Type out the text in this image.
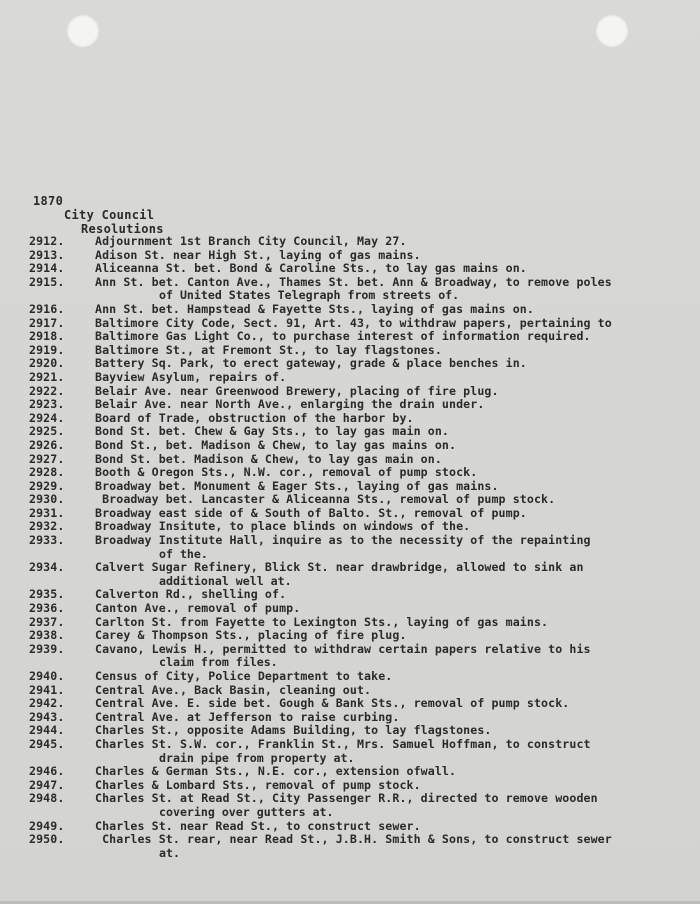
1870
City Council
Resolutions
2912.	Adjournment 1st Branch City Council, May 27.
2913.	Adison St. near High St., laying of gas mains.
2914.	Aliceanna St. bet. Bond & Caroline Sts., to lay gas mains on.
2915.	Ann St. bet. Canton Ave., Thames St. bet. Ann & Broadway, to remove poles
of United States Telegraph from streets of.
2916.	Ann St. bet. Hampstead & Fayette Sts., laying of gas mains on.
2917.	Baltimore City Code, Sect. 91, Art. 43, to withdraw papers, pertaining to
2918.	Baltimore Gas Light Co., to purchase interest of information required.
2919.	Baltimore St., at Fremont St., to lay flagstones.
2920.	Battery Sq. Park, to erect gateway, grade & place benches in.
2921.	Bayview Asylum, repairs of.
2922.	Belair Ave. near Greenwood Brewery, placing of fire plug.
2923.	Belair Ave. near North Ave., enlarging the drain under.
2924.	Board of Trade, obstruction of the harbor by.
2925.	Bond St. bet. Chew & Gay Sts., to lay gas main on.
2926.	Bond St., bet. Madison & Chew, to lay gas mains on.
2927.	Bond St. bet. Madison & Chew, to lay gas main on.
2928.	Booth & Oregon Sts., N.W. cor., removal of pump stock.
2929.	Broadway bet. Monument & Eager Sts., laying of gas mains.
2930.	Broadway bet. Lancaster & Aliceanna Sts., removal of pump stock.
2931.	Broadway east side of & South of Balto. St., removal of pump.
2932.	Broadway Insitute, to place blinds on windows of the.
2933.	Broadway Institute Hall, inquire as to the necessity of the repainting
of the.
2934.	Calvert Sugar Refinery, Blick St. near drawbridge, allowed to sink an
additional well at.
2935.	Calverton Rd., shelling of.
2936.	Canton Ave., removal of pump.
2937.	Carlton St. from Fayette to Lexington Sts., laying of gas mains.
2938.	Carey & Thompson Sts., placing of fire plug.
2939.	Cavano, Lewis H., permitted to withdraw certain papers relative to his
claim from files.
2940.	Census of City, Police Department to take.
2941.	Central Ave., Back Basin, cleaning out.
2942.	Central Ave. E. side bet. Gough & Bank Sts., removal of pump stock.
2943.	Central Ave. at Jefferson to raise curbing.
2944.	Charles St., opposite Adams Building, to lay flagstones.
2945.	Charles St. S.W. cor., Franklin St., Mrs. Samuel Hoffman, to construct
drain pipe from property at.
2946.	Charles & German Sts., N.E. cor., extension ofwall.
2947.	Charles & Lombard Sts., removal of pump stock.
2948.	Charles St. at Read St., City Passenger R.R., directed to remove wooden
covering over gutters at.
2949.	Charles St. near Read St., to construct sewer.
2950.	Charles St. rear, near Read St., J.B.H. Smith & Sons, to construct sewer
at.
